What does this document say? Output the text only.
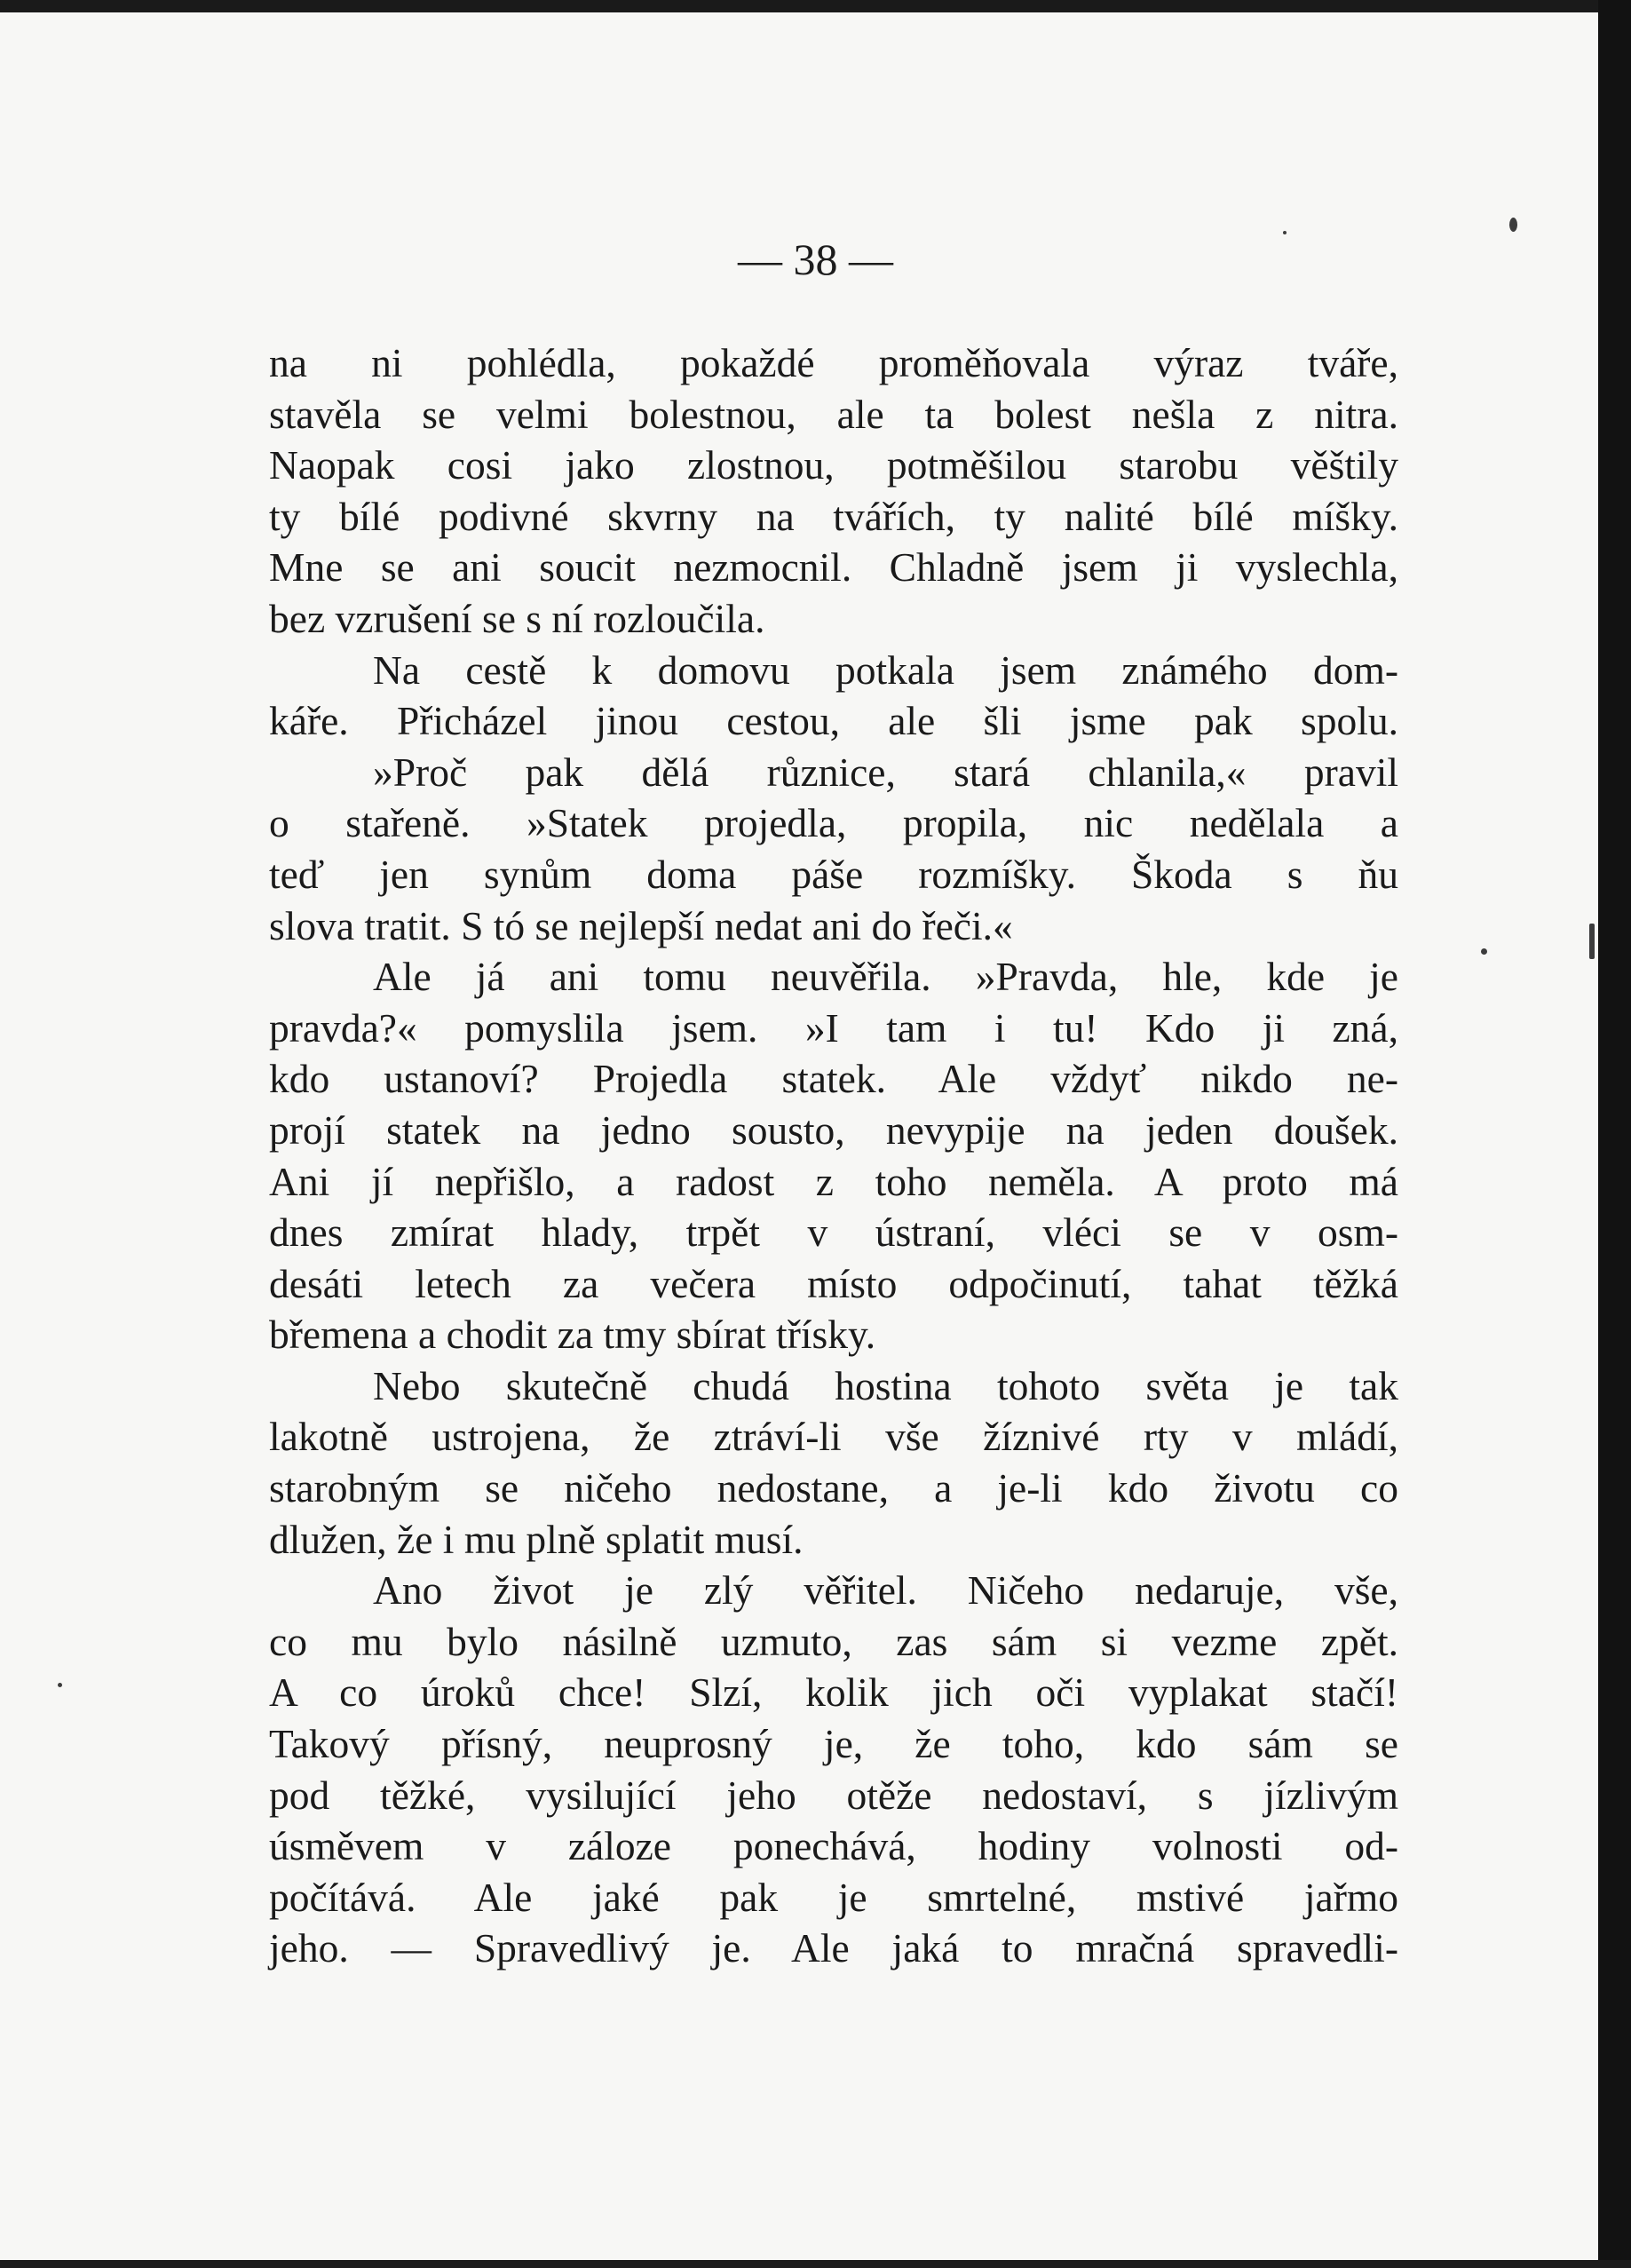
— 38 —
na ni pohlédla, pokaždé proměňovala výraz tváře,
stavěla se velmi bolestnou, ale ta bolest nešla z nitra.
Naopak cosi jako zlostnou, potměšilou starobu věštily
ty bílé podivné skvrny na tvářích, ty nalité bílé míšky.
Mne se ani soucit nezmocnil. Chladně jsem ji vyslechla,
bez vzrušení se s ní rozloučila.
Na cestě k domovu potkala jsem známého dom-
káře. Přicházel jinou cestou, ale šli jsme pak spolu.
»Proč pak dělá různice, stará chlanila,« pravil
o stařeně. »Statek projedla, propila, nic nedělala a
teď jen synům doma páše rozmíšky. Škoda s ňu
slova tratit. S tó se nejlepší nedat ani do řeči.«
Ale já ani tomu neuvěřila. »Pravda, hle, kde je
pravda?« pomyslila jsem. »I tam i tu! Kdo ji zná,
kdo ustanoví? Projedla statek. Ale vždyť nikdo ne-
projí statek na jedno sousto, nevypije na jeden doušek.
Ani jí nepřišlo, a radost z toho neměla. A proto má
dnes zmírat hlady, trpět v ústraní, vléci se v osm-
desáti letech za večera místo odpočinutí, tahat těžká
břemena a chodit za tmy sbírat třísky.
Nebo skutečně chudá hostina tohoto světa je tak
lakotně ustrojena, že ztráví-li vše žíznivé rty v mládí,
starobným se ničeho nedostane, a je-li kdo životu co
dlužen, že i mu plně splatit musí.
Ano život je zlý věřitel. Ničeho nedaruje, vše,
co mu bylo násilně uzmuto, zas sám si vezme zpět.
A co úroků chce! Slzí, kolik jich oči vyplakat stačí!
Takový přísný, neuprosný je, že toho, kdo sám se
pod těžké, vysilující jeho otěže nedostaví, s jízlivým
úsměvem v záloze ponechává, hodiny volnosti od-
počítává. Ale jaké pak je smrtelné, mstivé jařmo
jeho. — Spravedlivý je. Ale jaká to mračná spravedli-
